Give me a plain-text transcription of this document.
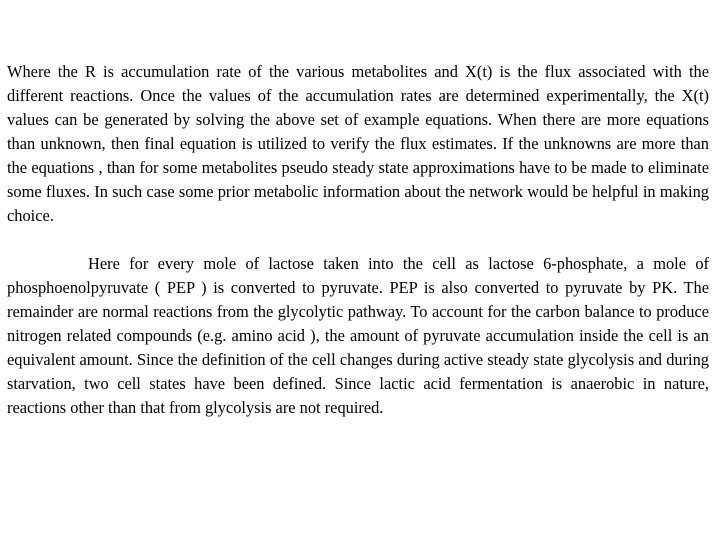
Where the R is accumulation rate of the various metabolites and X(t) is the flux associated with the different reactions. Once the values of the accumulation rates are determined experimentally, the X(t) values can be generated by solving the above set of example equations. When there are more equations than unknown, then final equation is utilized to verify the flux estimates. If the unknowns are more than the equations , than for some metabolites pseudo steady state approximations have to be made to eliminate some fluxes. In such case some prior metabolic information about the network would be helpful in making choice.

Here for every mole of lactose taken into the cell as lactose 6-phosphate, a mole of phosphoenolpyruvate ( PEP ) is converted to pyruvate. PEP is also converted to pyruvate by PK. The remainder are normal reactions from the glycolytic pathway. To account for the carbon balance to produce nitrogen related compounds (e.g. amino acid ), the amount of pyruvate accumulation inside the cell is an equivalent amount. Since the definition of the cell changes during active steady state glycolysis and during starvation, two cell states have been defined. Since lactic acid fermentation is anaerobic in nature, reactions other than that from glycolysis are not required.
